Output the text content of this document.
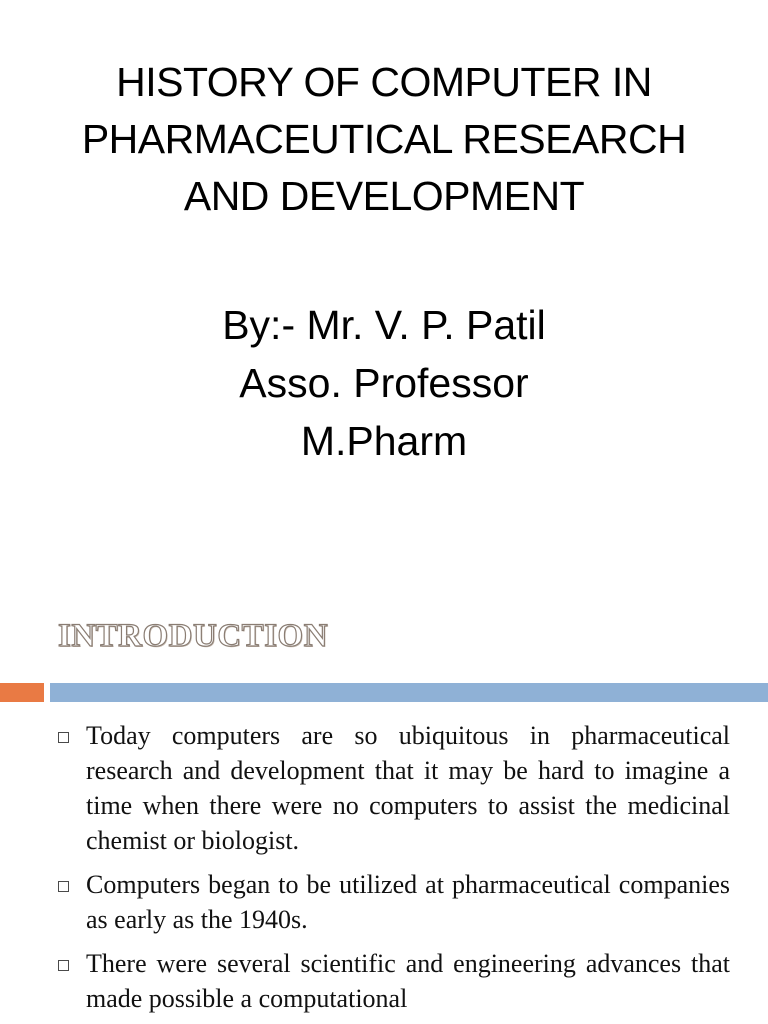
HISTORY OF COMPUTER IN
PHARMACEUTICAL RESEARCH
AND DEVELOPMENT
By:- Mr. V. P. Patil
Asso. Professor
M.Pharm
INTRODUCTION
Today computers are so ubiquitous in pharmaceutical research and development that it may be hard to imagine a time when there were no computers to assist the medicinal chemist or biologist.
Computers began to be utilized at pharmaceutical companies as early as the 1940s.
There were several scientific and engineering advances that made possible a computational
